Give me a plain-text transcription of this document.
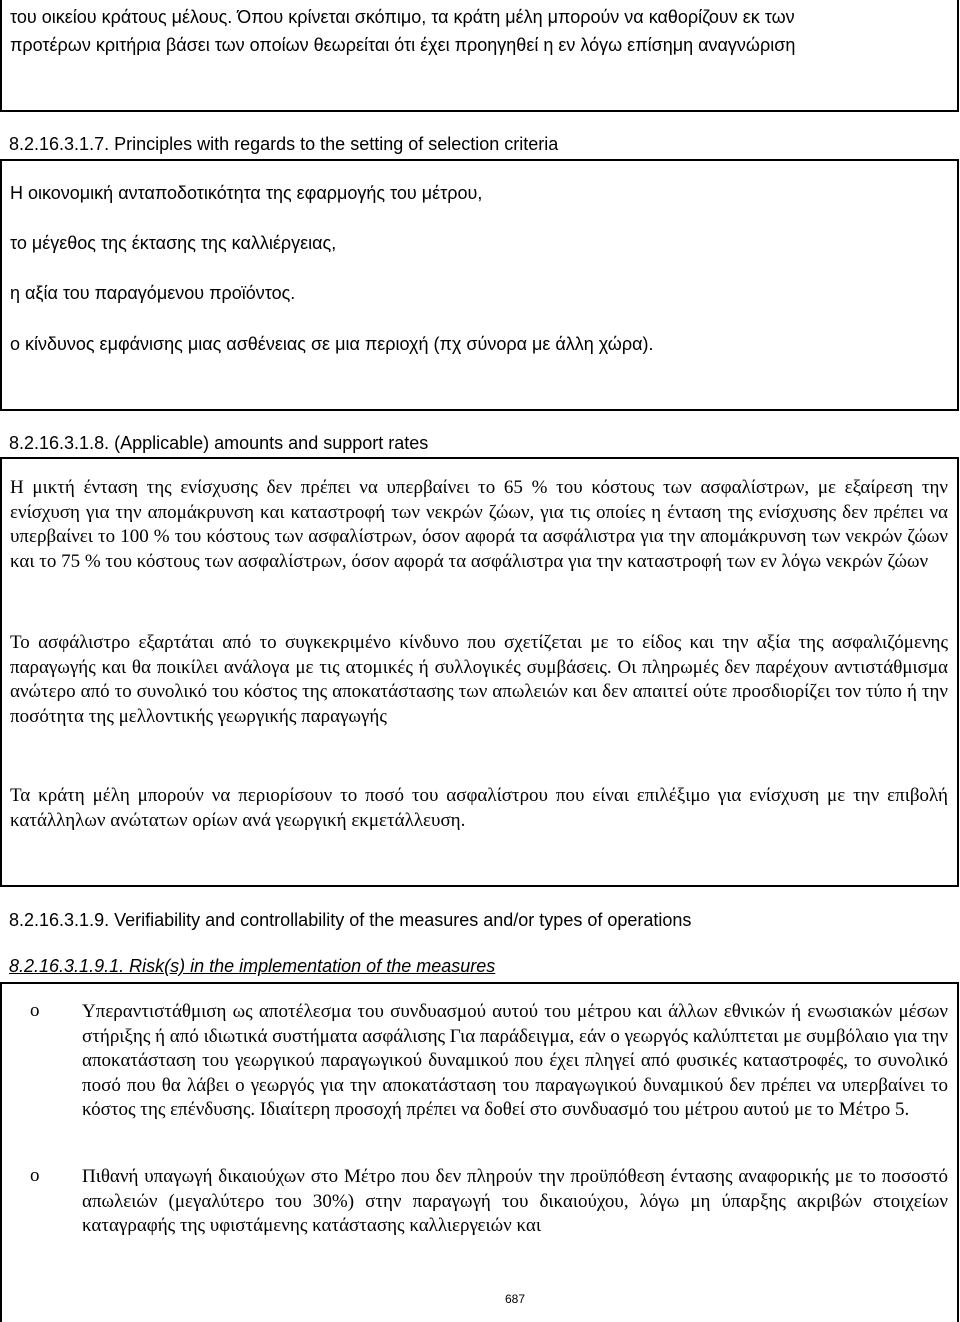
του οικείου κράτους μέλους. Όπου κρίνεται σκόπιμο, τα κράτη μέλη μπορούν να καθορίζουν εκ των
προτέρων κριτήρια βάσει των οποίων θεωρείται ότι έχει προηγηθεί η εν λόγω επίσημη αναγνώριση
8.2.16.3.1.7. Principles with regards to the setting of selection criteria
Η οικονομική ανταποδοτικότητα της εφαρμογής του μέτρου,
το μέγεθος της έκτασης της καλλιέργειας,
η αξία του παραγόμενου προϊόντος.
ο κίνδυνος εμφάνισης μιας ασθένειας σε μια περιοχή (πχ σύνορα με άλλη χώρα).
8.2.16.3.1.8. (Applicable) amounts and support rates
Η μικτή ένταση της ενίσχυσης δεν πρέπει να υπερβαίνει το 65 % του κόστους των ασφαλίστρων, με εξαίρεση την ενίσχυση για την απομάκρυνση και καταστροφή των νεκρών ζώων, για τις οποίες η ένταση της ενίσχυσης δεν πρέπει να υπερβαίνει το 100 % του κόστους των ασφαλίστρων, όσον αφορά τα ασφάλιστρα για την απομάκρυνση των νεκρών ζώων και το 75 % του κόστους των ασφαλίστρων, όσον αφορά τα ασφάλιστρα για την καταστροφή των εν λόγω νεκρών ζώων
Το ασφάλιστρο εξαρτάται από το συγκεκριμένο κίνδυνο που σχετίζεται με το είδος και την αξία της ασφαλιζόμενης παραγωγής και θα ποικίλει ανάλογα με τις ατομικές ή συλλογικές συμβάσεις. Οι πληρωμές δεν παρέχουν αντιστάθμισμα ανώτερο από το συνολικό του κόστος της αποκατάστασης των απωλειών και δεν απαιτεί ούτε προσδιορίζει τον τύπο ή την ποσότητα της μελλοντικής γεωργικής παραγωγής
Τα κράτη μέλη μπορούν να περιορίσουν το ποσό του ασφαλίστρου που είναι επιλέξιμο για ενίσχυση με την επιβολή κατάλληλων ανώτατων ορίων ανά γεωργική εκμετάλλευση.
8.2.16.3.1.9. Verifiability and controllability of the measures and/or types of operations
8.2.16.3.1.9.1. Risk(s) in the implementation of the measures
o Υπεραντιστάθμιση ως αποτέλεσμα του συνδυασμού αυτού του μέτρου και άλλων εθνικών ή ενωσιακών μέσων στήριξης ή από ιδιωτικά συστήματα ασφάλισης Για παράδειγμα, εάν ο γεωργός καλύπτεται με συμβόλαιο για την αποκατάσταση του γεωργικού παραγωγικού δυναμικού που έχει πληγεί από φυσικές καταστροφές, το συνολικό ποσό που θα λάβει ο γεωργός για την αποκατάσταση του παραγωγικού δυναμικού δεν πρέπει να υπερβαίνει το κόστος της επένδυσης. Ιδιαίτερη προσοχή πρέπει να δοθεί στο συνδυασμό του μέτρου αυτού με το Μέτρο 5.
o Πιθανή υπαγωγή δικαιούχων στο Μέτρο που δεν πληρούν την προϋπόθεση έντασης αναφορικής με το ποσοστό απωλειών (μεγαλύτερο του 30%) στην παραγωγή του δικαιούχου, λόγω μη ύπαρξης ακριβών στοιχείων καταγραφής της υφιστάμενης κατάστασης καλλιεργειών και
687
